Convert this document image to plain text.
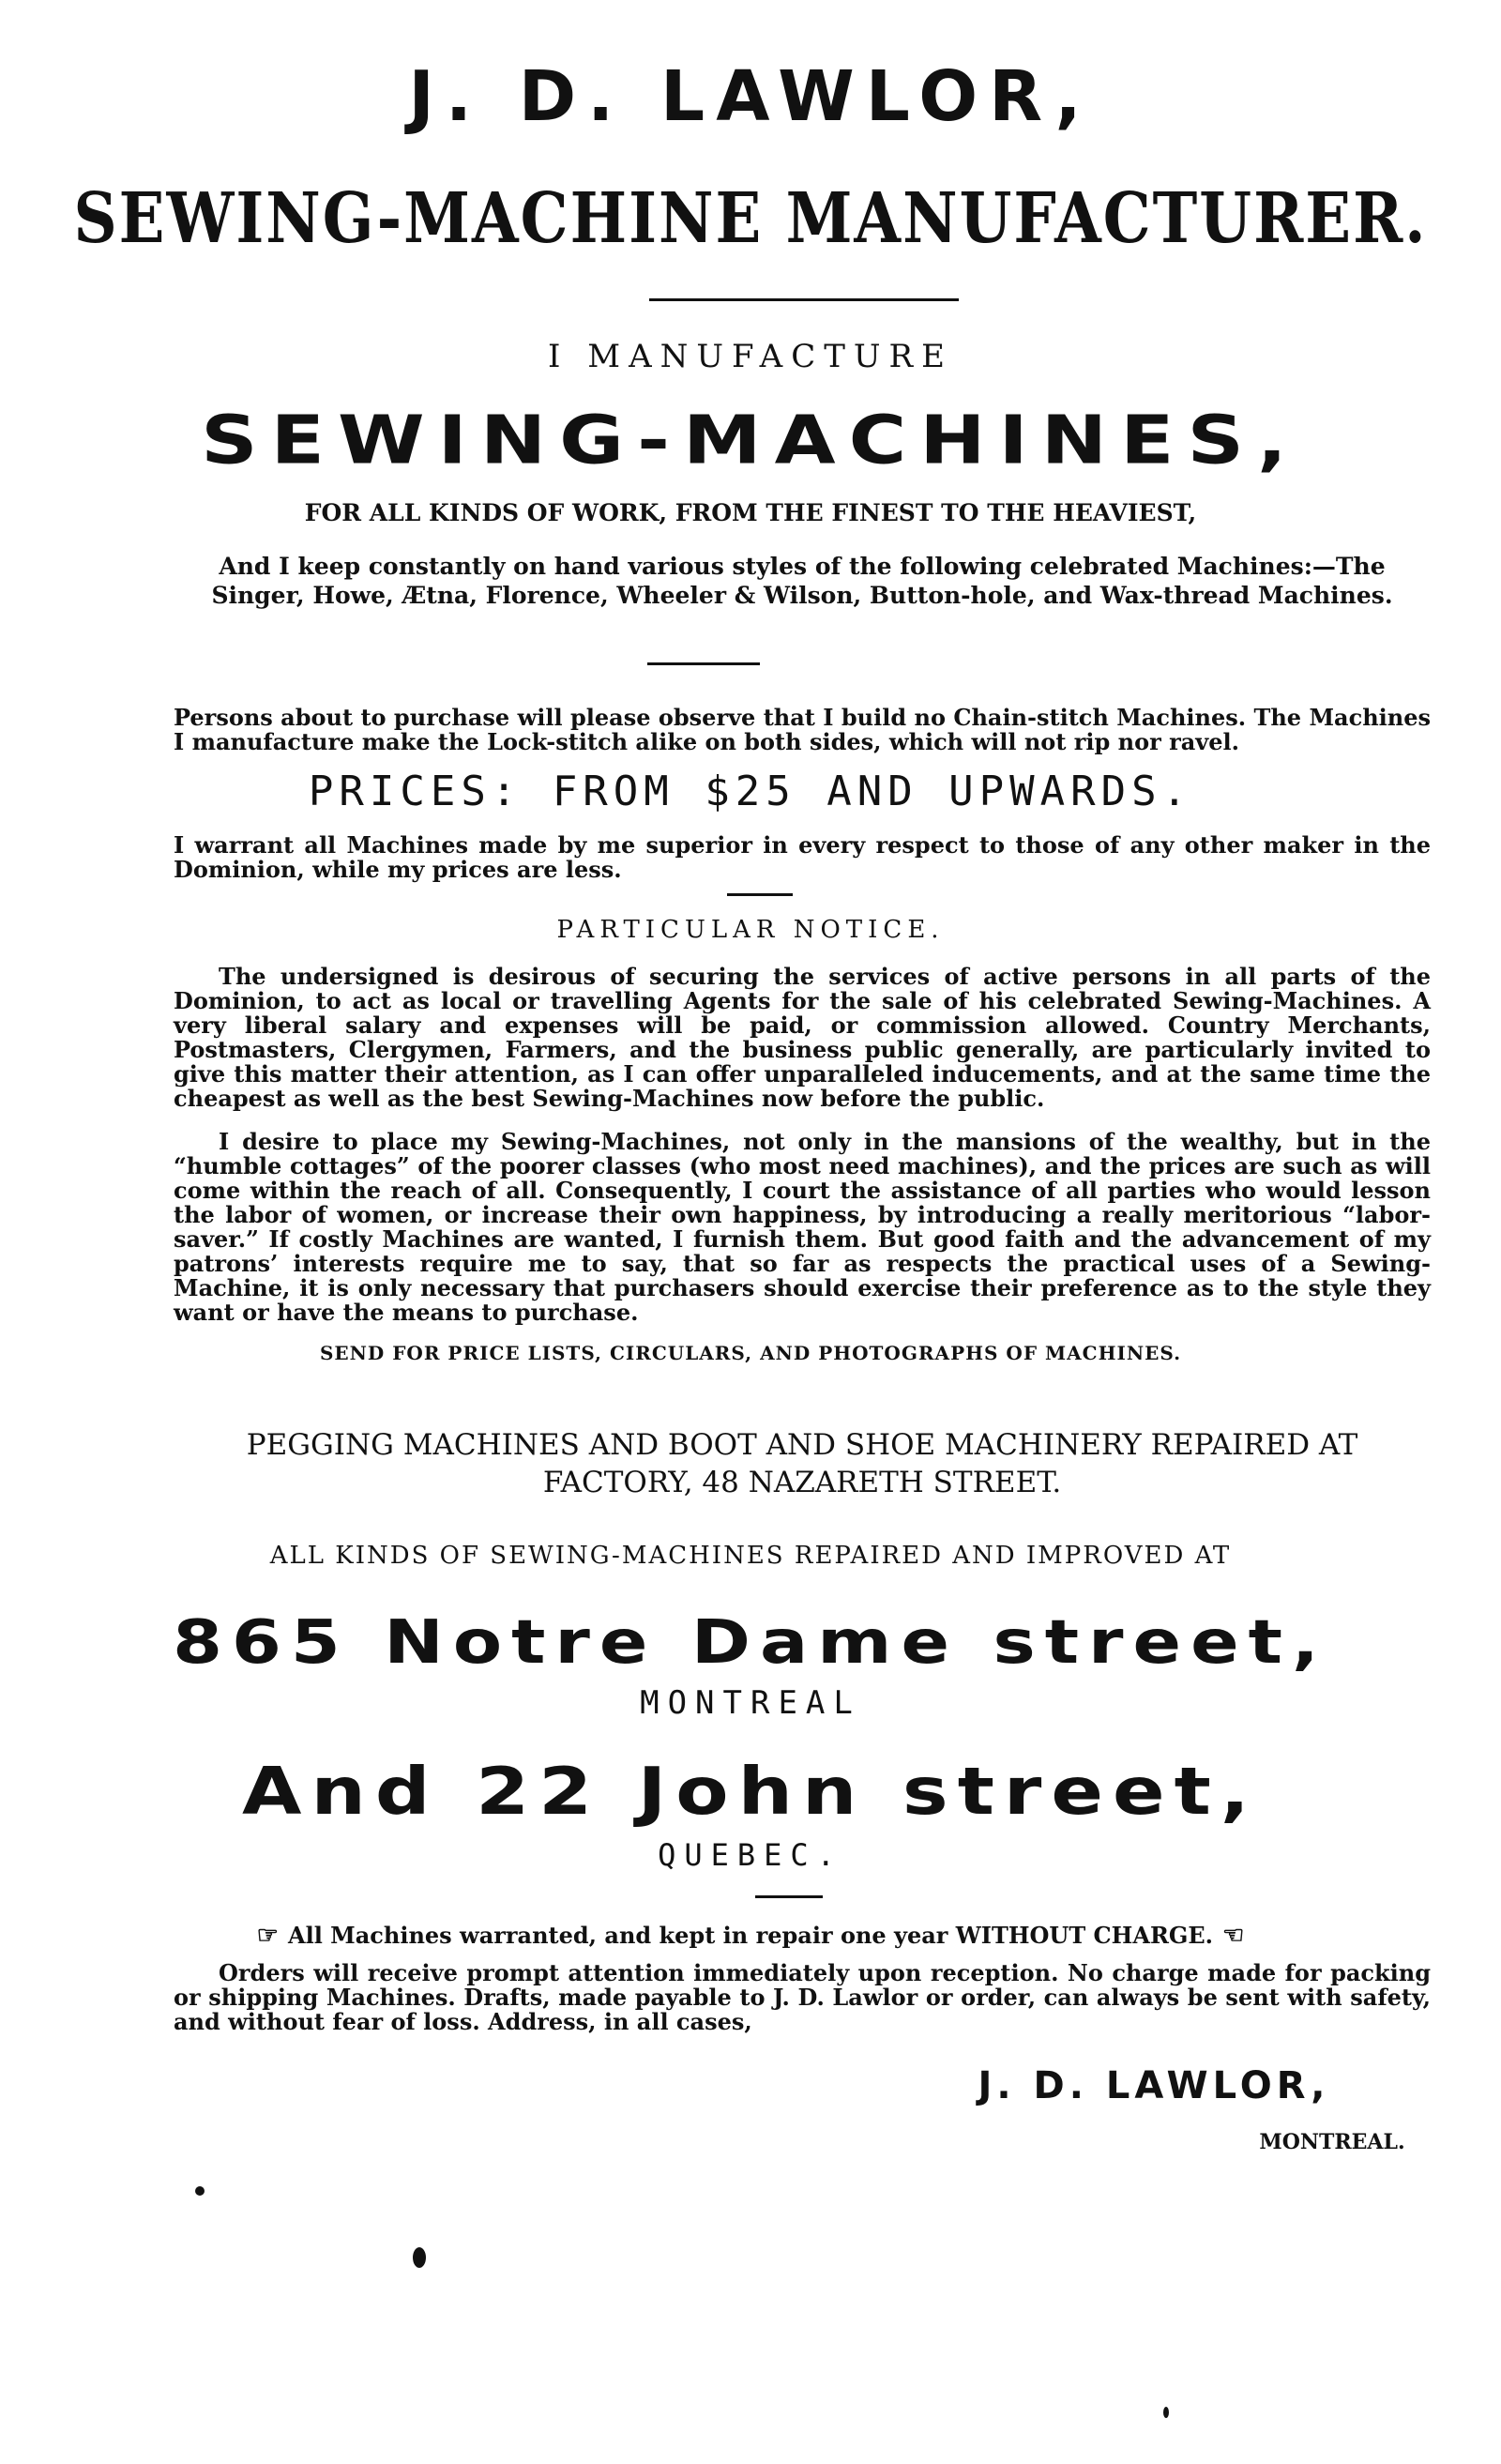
J. D. LAWLOR,
SEWING-MACHINE MANUFACTURER.
I MANUFACTURE
SEWING-MACHINES,
FOR ALL KINDS OF WORK, FROM THE FINEST TO THE HEAVIEST,
And I keep constantly on hand various styles of the following celebrated Machines:—The Singer, Howe, Ætna, Florence, Wheeler & Wilson, Button-hole, and Wax-thread Machines.
Persons about to purchase will please observe that I build no Chain-stitch Machines. The Machines I manufacture make the Lock-stitch alike on both sides, which will not rip nor ravel.
PRICES: FROM $25 AND UPWARDS.
I warrant all Machines made by me superior in every respect to those of any other maker in the Dominion, while my prices are less.
PARTICULAR NOTICE.
The undersigned is desirous of securing the services of active persons in all parts of the Dominion, to act as local or travelling Agents for the sale of his celebrated Sewing-Machines. A very liberal salary and expenses will be paid, or commission allowed. Country Merchants, Postmasters, Clergymen, Farmers, and the business public generally, are particularly invited to give this matter their attention, as I can offer unparalleled inducements, and at the same time the cheapest as well as the best Sewing-Machines now before the public.
I desire to place my Sewing-Machines, not only in the mansions of the wealthy, but in the “humble cottages” of the poorer classes (who most need machines), and the prices are such as will come within the reach of all. Consequently, I court the assistance of all parties who would lesson the labor of women, or increase their own happiness, by introducing a really meritorious “labor-saver.” If costly Machines are wanted, I furnish them. But good faith and the advancement of my patrons’ interests require me to say, that so far as respects the practical uses of a Sewing-Machine, it is only necessary that purchasers should exercise their preference as to the style they want or have the means to purchase.
SEND FOR PRICE LISTS, CIRCULARS, AND PHOTOGRAPHS OF MACHINES.
PEGGING MACHINES AND BOOT AND SHOE MACHINERY REPAIRED AT FACTORY, 48 NAZARETH STREET.
ALL KINDS OF SEWING-MACHINES REPAIRED AND IMPROVED AT
865 Notre Dame street,
MONTREAL
And 22 John street,
QUEBEC.
☞ All Machines warranted, and kept in repair one year WITHOUT CHARGE. ☜
Orders will receive prompt attention immediately upon reception. No charge made for packing or shipping Machines. Drafts, made payable to J. D. Lawlor or order, can always be sent with safety, and without fear of loss. Address, in all cases,
J. D. LAWLOR,
MONTREAL.
